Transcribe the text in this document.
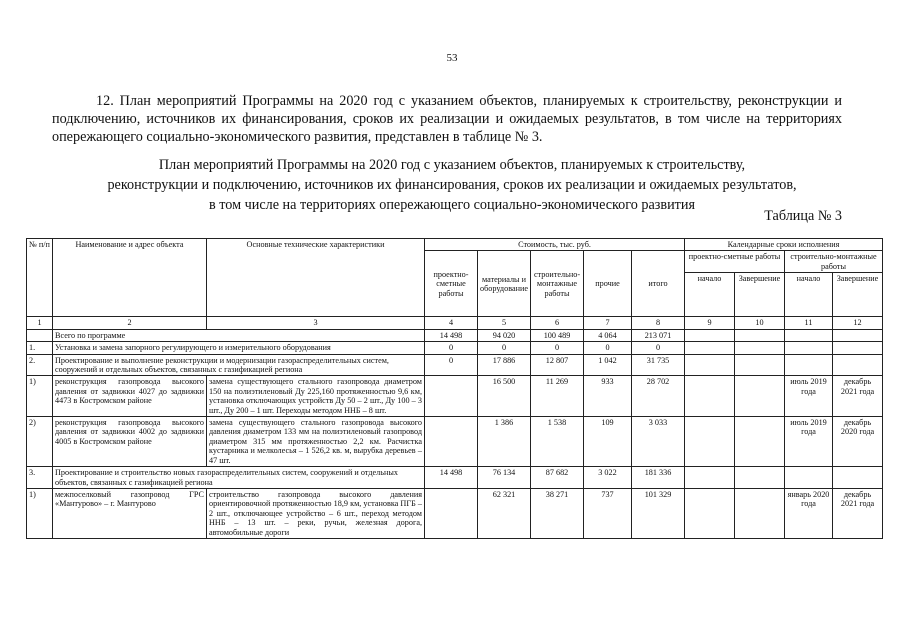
53
12. План мероприятий Программы на 2020 год с указанием объектов, планируемых к строительству, реконструкции и подключению, источников их финансирования, сроков их реализации и ожидаемых результатов, в том числе на территориях опережающего социально-экономического развития, представлен в таблице № 3.
План мероприятий Программы на 2020 год с указанием объектов, планируемых к строительству,
реконструкции и подключению, источников их финансирования, сроков их реализации и ожидаемых результатов,
в том числе на территориях опережающего социально-экономического развития
Таблица № 3
№ п/п	Наименование и адрес объекта	Основные технические характеристики	Стоимость, тыс. руб.					Календарные сроки исполнения			
			проектно-сметные работы	материалы и оборудование	строительно-монтажные работы	прочие	итого	проектно-сметные работы		строительно-монтажные работы	
								начало	Завершение	начало	Завершение
1	2	3	4	5	6	7	8	9	10	11	12
	Всего по программе		14 498	94 020	100 489	4 064	213 071				
1.	Установка и замена запорного регулирующего и измерительного оборудования		0	0	0	0	0				
2.	Проектирование и выполнение реконструкции и модернизации газораспределительных систем, сооружений и отдельных объектов, связанных с газификацией региона		0	17 886	12 807	1 042	31 735				
1)	реконструкция газопровода высокого давления от задвижки 4027 до задвижки 4473 в Костромском районе	замена существующего стального газопровода диаметром 150 на полиэтиленовый Ду 225,160 протяженностью 9,6 км, установка отключающих устройств Ду 50 – 2 шт., Ду 100 – 3 шт., Ду 200 – 1 шт. Переходы методом ННБ – 8 шт.		16 500	11 269	933	28 702			июль 2019 года	декабрь 2021 года
2)	реконструкция газопровода высокого давления от задвижки 4002 до задвижки 4005 в Костромском районе	замена существующего стального газопровода высокого давления диаметром 133 мм на полиэтиленовый газопровод диаметром 315 мм протяженностью 2,2 км. Расчистка кустарника и мелколесья – 1 526,2 кв. м, вырубка деревьев – 47 шт.		1 386	1 538	109	3 033			июль 2019 года	декабрь 2020 года
3.	Проектирование и строительство новых газораспределительных систем, сооружений и отдельных объектов, связанных с газификацией региона		14 498	76 134	87 682	3 022	181 336				
1)	межпоселковый газопровод ГРС «Мантурово» – г. Мантурово	строительство газопровода высокого давления ориентировочной протяженностью 18,9 км, установка ПГБ – 2 шт., отключающее устройство – 6 шт., переход методом ННБ – 13 шт. – реки, ручьи, железная дорога, автомобильные дороги		62 321	38 271	737	101 329			январь 2020 года	декабрь 2021 года
